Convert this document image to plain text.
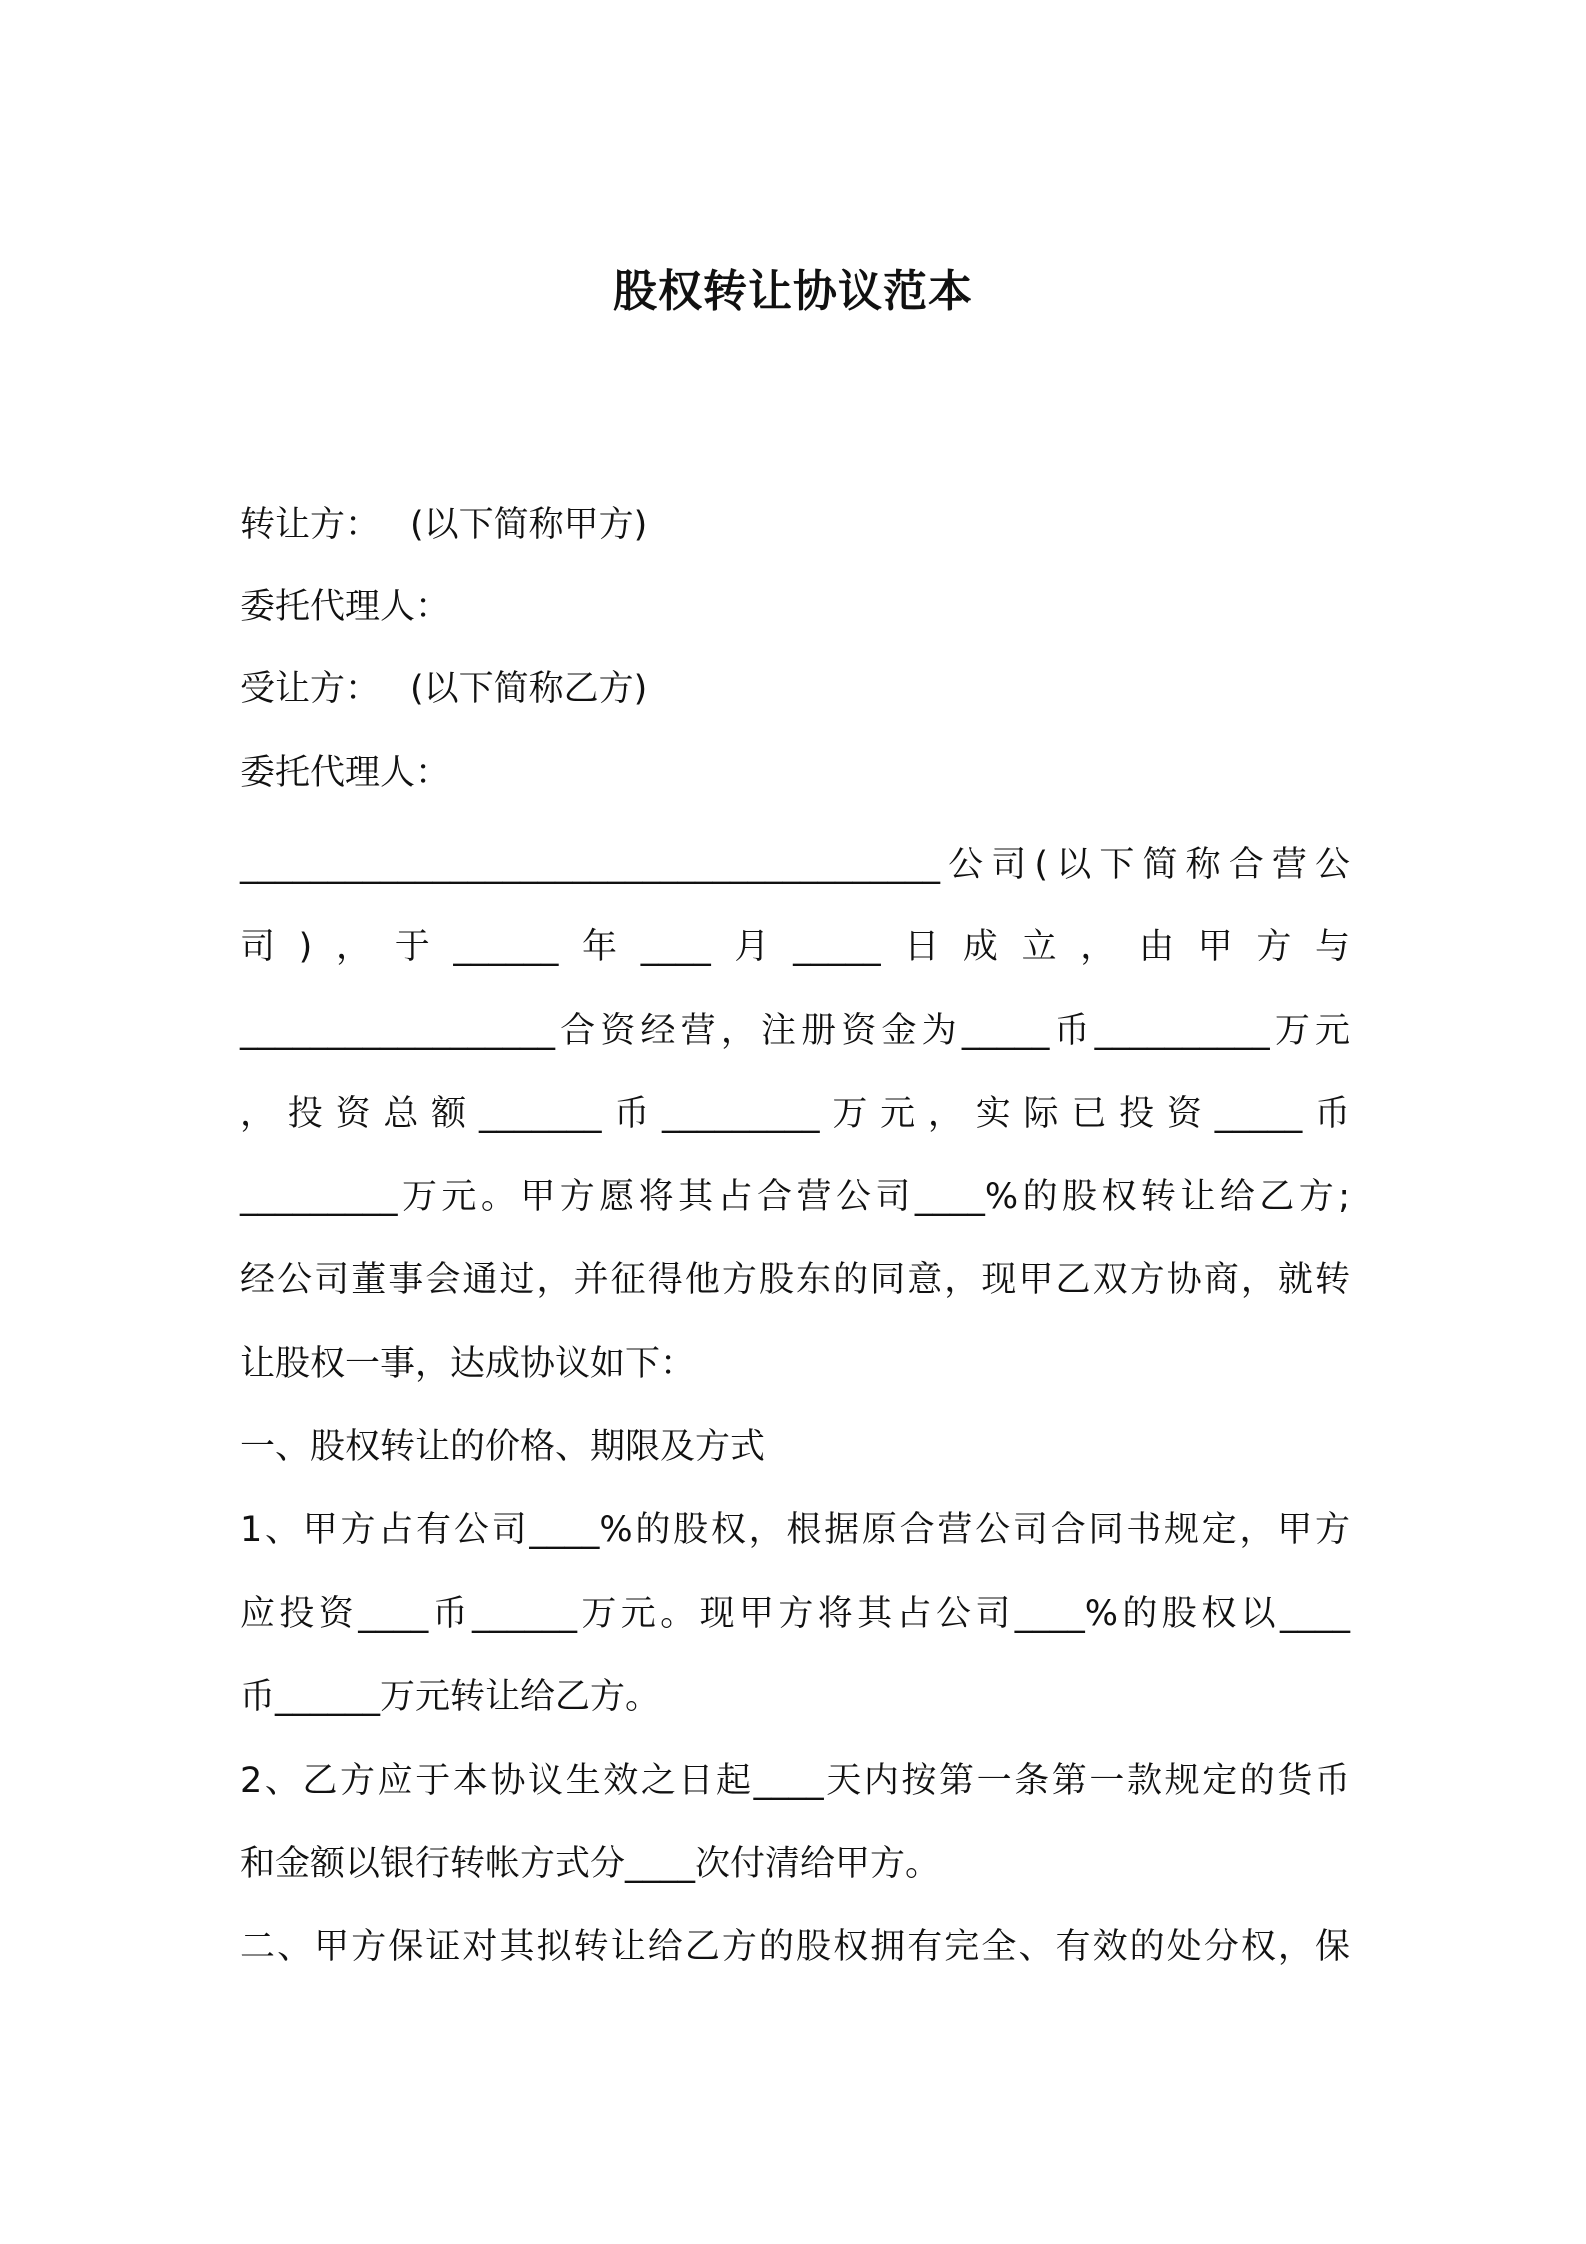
股权转让协议范本
转让方： (以下简称甲方)
委托代理人：
受让方： (以下简称乙方)
委托代理人：
________________________________________公司(以下简称合营公
司)，于______年____月_____日成立，由甲方与
__________________合资经营，注册资金为_____币__________万元
，投资总额_______币_________万元，实际已投资_____币
_________万元。甲方愿将其占合营公司____%的股权转让给乙方;
经公司董事会通过，并征得他方股东的同意，现甲乙双方协商，就转
让股权一事，达成协议如下：
一、股权转让的价格、期限及方式
1、甲方占有公司____%的股权，根据原合营公司合同书规定，甲方
应投资____币______万元。现甲方将其占公司____%的股权以____
币______万元转让给乙方。
2、乙方应于本协议生效之日起____天内按第一条第一款规定的货币
和金额以银行转帐方式分____次付清给甲方。
二、甲方保证对其拟转让给乙方的股权拥有完全、有效的处分权，保
